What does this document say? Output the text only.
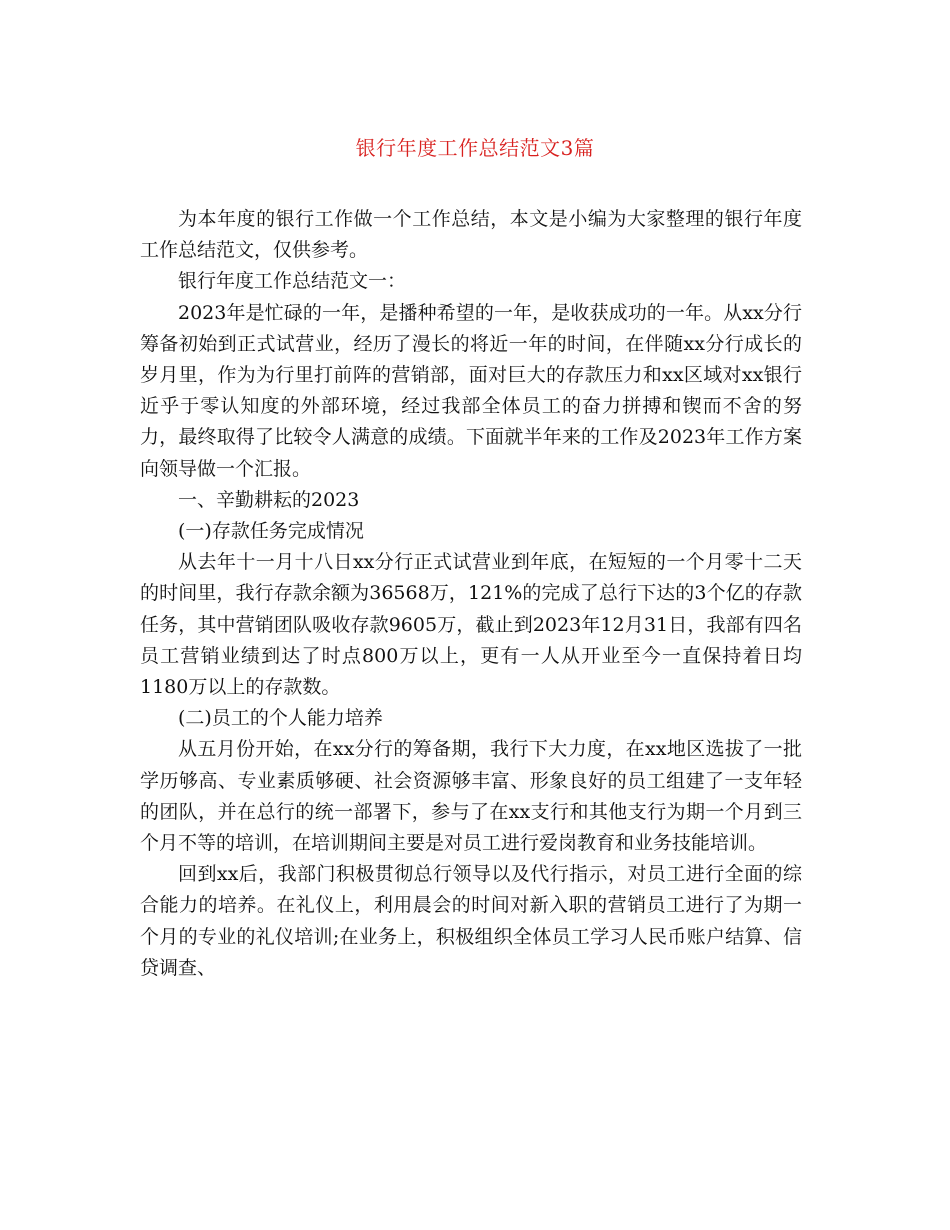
银行年度工作总结范文3篇

为本年度的银行工作做一个工作总结，本文是小编为大家整理的银行年度工作总结范文，仅供参考。

银行年度工作总结范文一：

2023年是忙碌的一年，是播种希望的一年，是收获成功的一年。从xx分行筹备初始到正式试营业，经历了漫长的将近一年的时间，在伴随xx分行成长的岁月里，作为为行里打前阵的营销部，面对巨大的存款压力和xx区域对xx银行近乎于零认知度的外部环境，经过我部全体员工的奋力拼搏和锲而不舍的努力，最终取得了比较令人满意的成绩。下面就半年来的工作及2023年工作方案向领导做一个汇报。

一、辛勤耕耘的2023

(一)存款任务完成情况

从去年十一月十八日xx分行正式试营业到年底，在短短的一个月零十二天的时间里，我行存款余额为36568万，121%的完成了总行下达的3个亿的存款任务，其中营销团队吸收存款9605万，截止到2023年12月31日，我部有四名员工营销业绩到达了时点800万以上，更有一人从开业至今一直保持着日均1180万以上的存款数。

(二)员工的个人能力培养

从五月份开始，在xx分行的筹备期，我行下大力度，在xx地区选拔了一批学历够高、专业素质够硬、社会资源够丰富、形象良好的员工组建了一支年轻的团队，并在总行的统一部署下，参与了在xx支行和其他支行为期一个月到三个月不等的培训，在培训期间主要是对员工进行爱岗教育和业务技能培训。

回到xx后，我部门积极贯彻总行领导以及代行指示，对员工进行全面的综合能力的培养。在礼仪上，利用晨会的时间对新入职的营销员工进行了为期一个月的专业的礼仪培训;在业务上，积极组织全体员工学习人民币账户结算、信贷调查、
